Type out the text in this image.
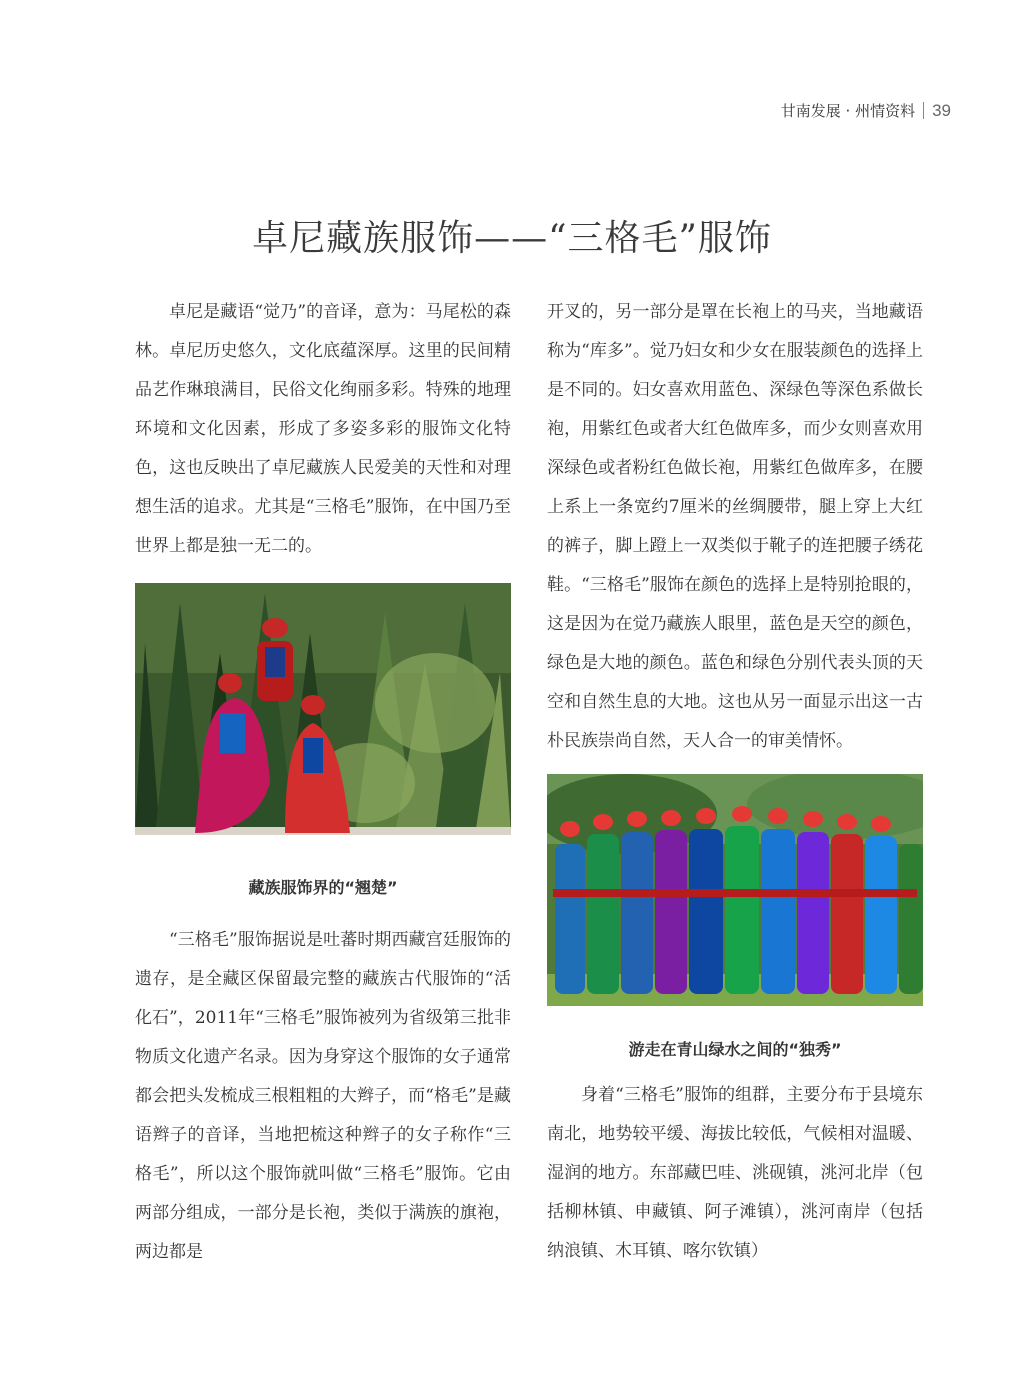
甘南发展 · 州情资料 39
卓尼藏族服饰——“三格毛”服饰

卓尼是藏语“觉乃”的音译，意为：马尾松的森林。卓尼历史悠久，文化底蕴深厚。这里的民间精品艺作琳琅满目，民俗文化绚丽多彩。特殊的地理环境和文化因素，形成了多姿多彩的服饰文化特色，这也反映出了卓尼藏族人民爱美的天性和对理想生活的追求。尤其是“三格毛”服饰，在中国乃至世界上都是独一无二的。

藏族服饰界的“翘楚”

“三格毛”服饰据说是吐蕃时期西藏宫廷服饰的遗存，是全藏区保留最完整的藏族古代服饰的“活化石”，2011年“三格毛”服饰被列为省级第三批非物质文化遗产名录。因为身穿这个服饰的女子通常都会把头发梳成三根粗粗的大辫子，而“格毛”是藏语辫子的音译，当地把梳这种辫子的女子称作“三格毛”，所以这个服饰就叫做“三格毛”服饰。它由两部分组成，一部分是长袍，类似于满族的旗袍，两边都是

开叉的，另一部分是罩在长袍上的马夹，当地藏语称为“库多”。觉乃妇女和少女在服装颜色的选择上是不同的。妇女喜欢用蓝色、深绿色等深色系做长袍，用紫红色或者大红色做库多，而少女则喜欢用深绿色或者粉红色做长袍，用紫红色做库多，在腰上系上一条宽约7厘米的丝绸腰带，腿上穿上大红的裤子，脚上蹬上一双类似于靴子的连把腰子绣花鞋。“三格毛”服饰在颜色的选择上是特别抢眼的，这是因为在觉乃藏族人眼里，蓝色是天空的颜色，绿色是大地的颜色。蓝色和绿色分别代表头顶的天空和自然生息的大地。这也从另一面显示出这一古朴民族崇尚自然，天人合一的审美情怀。

游走在青山绿水之间的“独秀”

身着“三格毛”服饰的组群，主要分布于县境东南北，地势较平缓、海拔比较低，气候相对温暖、湿润的地方。东部藏巴哇、洮砚镇，洮河北岸（包括柳林镇、申藏镇、阿子滩镇），洮河南岸（包括纳浪镇、木耳镇、喀尔钦镇）
